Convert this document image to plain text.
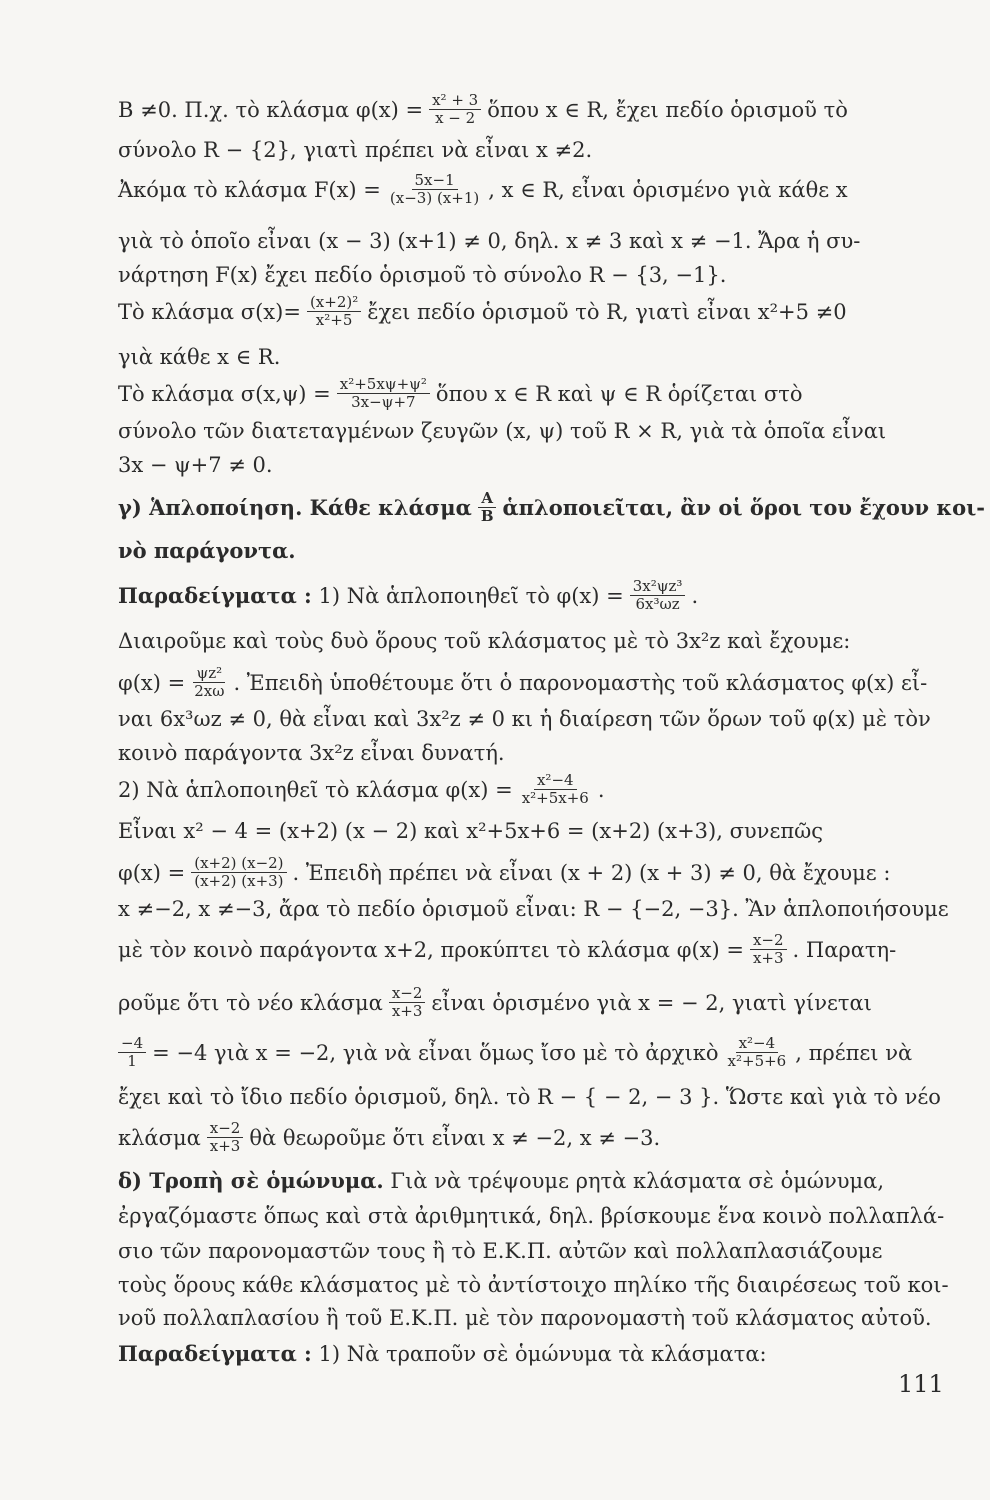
B ≠0. Π.χ. τὸ κλάσμα $\varphi(x) = \frac{\text{x² + 3}}{x - 2}$ ὅπου x ∈ R, ἔχει πεδίο ὁρισμοῦ τὸ
σύνολο R − {2}, γιατὶ πρέπει νὰ εἶναι x ≠2.
Ἀκόμα τὸ κλάσμα $F(x) = \frac{5x-1}{(x-3) (x+1)}$ , x ∈ R, εἶναι ὁρισμένο γιὰ κάθε x
γιὰ τὸ ὁποῖο εἶναι (x − 3) (x+1) ≠ 0, δηλ. x ≠ 3 καὶ x ≠ −1. Ἄρα ἡ συ-
νάρτηση F(x) ἔχει πεδίο ὁρισμοῦ τὸ σύνολο R − {3, −1}.
Τὸ κλάσμα $\sigma(x)= \frac{\text{(x+2)²}}{\text{x²+5}}$ ἔχει πεδίο ὁρισμοῦ τὸ R, γιατὶ εἶναι x²+5 ≠0
γιὰ κάθε x ∈ R.
Τὸ κλάσμα $\sigma(x,\psi) = \frac{\text{x²+5xψ+ψ²}}{3x-\psi+7}$ ὅπου x ∈ R καὶ ψ ∈ R ὁρίζεται στὸ
σύνολο τῶν διατεταγμένων ζευγῶν (x, ψ) τοῦ R × R, γιὰ τὰ ὁποῖα εἶναι
3x − ψ+7 ≠ 0.
γ) Ἁπλοποίηση. Κάθε κλάσμα $\frac{A}{B}$ ἁπλοποιεῖται, ἂν οἱ ὅροι του ἔχουν κοι-
νὸ παράγοντα.
Παραδείγματα :
1) Νὰ ἁπλοποιηθεῖ τὸ $\varphi(x) = \frac{\text{3x²ψz³}}{\text{6x³ωz}}$ .
Διαιροῦμε καὶ τοὺς δυὸ ὅρους τοῦ κλάσματος μὲ τὸ 3x²z καὶ ἔχουμε:
$\varphi(x) = \frac{\text{ψz²}}{2x\omega}$ . Ἐπειδὴ ὑποθέτουμε ὅτι ὁ παρονομαστὴς τοῦ κλάσματος φ(x) εἶ-
ναι 6x³ωz ≠ 0, θὰ εἶναι καὶ 3x²z ≠ 0 κι ἡ διαίρεση τῶν ὅρων τοῦ φ(x) μὲ τὸν
κοινὸ παράγοντα 3x²z εἶναι δυνατή.
2) Νὰ ἁπλοποιηθεῖ τὸ κλάσμα $\varphi(x) = \frac{\text{x²−4}}{\text{x²+5x+6}}$ .
Εἶναι x² − 4 = (x+2) (x − 2) καὶ x²+5x+6 = (x+2) (x+3), συνεπῶς
$\varphi(x) = \frac{(x+2) (x-2)}{(x+2) (x+3)}$ . Ἐπειδὴ πρέπει νὰ εἶναι (x + 2) (x + 3) ≠ 0, θὰ ἔχουμε :
x ≠−2, x ≠−3, ἄρα τὸ πεδίο ὁρισμοῦ εἶναι: R − {−2, −3}. Ἂν ἁπλοποιήσουμε
μὲ τὸν κοινὸ παράγοντα x+2, προκύπτει τὸ κλάσμα $\varphi(x) = \frac{x-2}{x+3}$ . Παρατη-
ροῦμε ὅτι τὸ νέο κλάσμα $\frac{x-2}{x+3}$ εἶναι ὁρισμένο γιὰ x = − 2, γιατὶ γίνεται
$\frac{-4}{1} = -4$ γιὰ x = −2, γιὰ νὰ εἶναι ὅμως ἴσο μὲ τὸ ἀρχικὸ $\frac{\text{x²−4}}{\text{x²+5+6}}$ , πρέπει νὰ
ἔχει καὶ τὸ ἴδιο πεδίο ὁρισμοῦ, δηλ. τὸ R − { − 2, − 3 }. Ὥστε καὶ γιὰ τὸ νέο
κλάσμα $\frac{x-2}{x+3}$ θὰ θεωροῦμε ὅτι εἶναι x ≠ −2, x ≠ −3.
δ) Τροπὴ σὲ ὁμώνυμα.
Γιὰ νὰ τρέψουμε ρητὰ κλάσματα σὲ ὁμώνυμα,
ἐργαζόμαστε ὅπως καὶ στὰ ἀριθμητικά, δηλ. βρίσκουμε ἕνα κοινὸ πολλαπλά-
σιο τῶν παρονομαστῶν τους ἢ τὸ Ε.Κ.Π. αὐτῶν καὶ πολλαπλασιάζουμε
τοὺς ὅρους κάθε κλάσματος μὲ τὸ ἀντίστοιχο πηλίκο τῆς διαιρέσεως τοῦ κοι-
νοῦ πολλαπλασίου ἢ τοῦ Ε.Κ.Π. μὲ τὸν παρονομαστὴ τοῦ κλάσματος αὐτοῦ.
Παραδείγματα :
1) Νὰ τραποῦν σὲ ὁμώνυμα τὰ κλάσματα:
111
